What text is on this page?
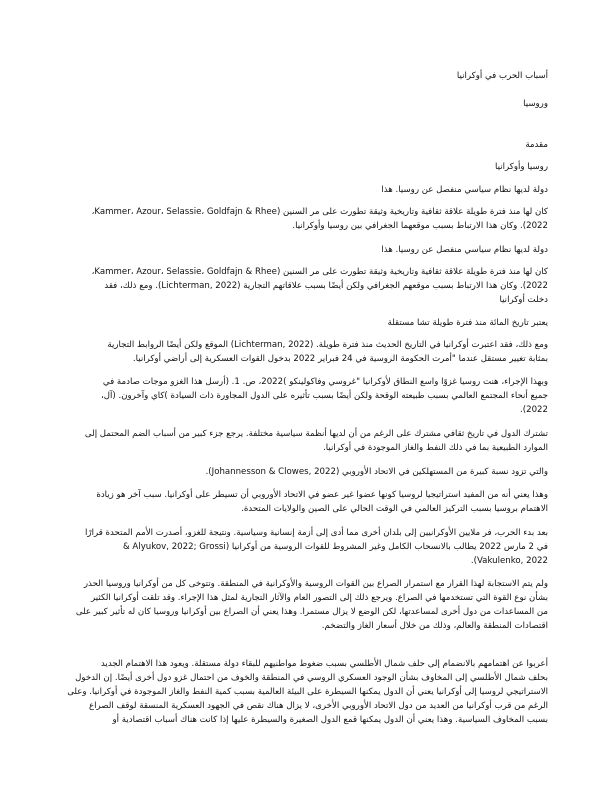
أسباب الحرب في أوكرانيا
وروسيا
مقدمة
روسيا وأوكرانيا
دولة لديها نظام سياسي منفصل عن روسيا. هذا
كان لها منذ فترة طويلة علاقة ثقافية وتاريخية وثيقة تطورت على مر السنين (Kammer، Azour، Selassie، Goldfajn & Rhee،
2022). وكان هذا الارتباط بسبب موقعهما الجغرافي بين روسيا وأوكرانيا.
دولة لديها نظام سياسي منفصل عن روسيا. هذا
كان لها منذ فترة طويلة علاقة ثقافية وتاريخية وثيقة تطورت على مر السنين (Kammer، Azour، Selassie، Goldfajn & Rhee،
2022). وكان هذا الارتباط بسبب موقعهم الجغرافي ولكن أيضًا بسبب علاقاتهم التجارية (Lichterman, 2022). ومع ذلك، فقد
دخلت أوكرانيا
يعتبر تاريخ المائة منذ فترة طويلة تشا مستقلة
ومع ذلك، فقد اعتبرت أوكرانيا في التاريخ الحديث منذ فترة طويلة. (Lichterman, 2022) الموقع ولكن أيضًا الروابط التجارية
بمثابة تغيير مستقل عندما "أمرت الحكومة الروسية في 24 فبراير 2022 بدخول القوات العسكرية إلى أراضي أوكرانيا.
وبهذا الإجراء، هنت روسيا غزوًا واسع النطاق لأوكرانيا "غروسي وفاكولينكو )2022، ص. 1. (أرسل هذا الغزو موجات صادمة في
جميع أنحاء المجتمع العالمي بسبب طبيعته الوقحة ولكن أيضًا بسبب تأثيره على الدول المجاورة ذات السيادة )كاي وآخرون. (آل،
2022).
تشترك الدول في تاريخ ثقافي مشترك على الرغم من أن لديها أنظمة سياسية مختلفة. يرجع جزء كبير من أسباب الضم المحتمل إلى
الموارد الطبيعية بما في ذلك النفط والغاز الموجودة في أوكرانيا.
والتي تزود نسبة كبيرة من المستهلكين في الاتحاد الأوروبي (Johannesson & Clowes, 2022).
وهذا يعني أنه من المفيد استراتيجيا لروسيا كونها عضوا غير عضو في الاتحاد الأوروبي أن تسيطر على أوكرانيا. سبب آخر هو زيادة
الاهتمام بروسيا بسبب التركيز العالمي في الوقت الحالي على الصين والولايات المتحدة.
بعد بدء الحرب، فر ملايين الأوكرانيين إلى بلدان أخرى مما أدى إلى أزمة إنسانية وسياسية. ونتيجة للغزو، أصدرت الأمم المتحدة قرارًا
في 2 مارس 2022 يطالب بالانسحاب الكامل وغير المشروط للقوات الروسية من أوكرانيا (Alyukov, 2022; Grossi &
Vakulenko, 2022).
ولم يتم الاستجابة لهذا القرار مع استمرار الصراع بين القوات الروسية والأوكرانية في المنطقة. وتتوخى كل من أوكرانيا وروسيا الحذر
بشأن نوع القوة التي تستخدمها في الصراع. ويرجع ذلك إلى التصور العام والآثار التجارية لمثل هذا الإجراء. وقد تلقت أوكرانيا الكثير
من المساعدات من دول أخرى لمساعدتها، لكن الوضع لا يزال مستمرا. وهذا يعني أن الصراع بين أوكرانيا وروسيا كان له تأثير كبير على
اقتصادات المنطقة والعالم، وذلك من خلال أسعار الغاز والتضخم.
أعربوا عن اهتمامهم بالانضمام إلى حلف شمال الأطلسي بسبب ضغوط مواطنيهم للبقاء دولة مستقلة. ويعود هذا الاهتمام الجديد
بحلف شمال الأطلسي إلى المخاوف بشأن الوجود العسكري الروسي في المنطقة والخوف من احتمال غزو دول أخرى أيضًا. إن الدخول
الاستراتيجي لروسيا إلى أوكرانيا يعني أن الدول يمكنها السيطرة على البيئة العالمية بسبب كمية النفط والغاز الموجودة في أوكرانيا. وعلى
الرغم من قرب أوكرانيا من العديد من دول الاتحاد الأوروبي الأخرى، لا يزال هناك نقص في الجهود العسكرية المنسقة لوقف الصراع
بسبب المخاوف السياسية. وهذا يعني أن الدول يمكنها قمع الدول الصغيرة والسيطرة عليها إذا كانت هناك أسباب اقتصادية أو
